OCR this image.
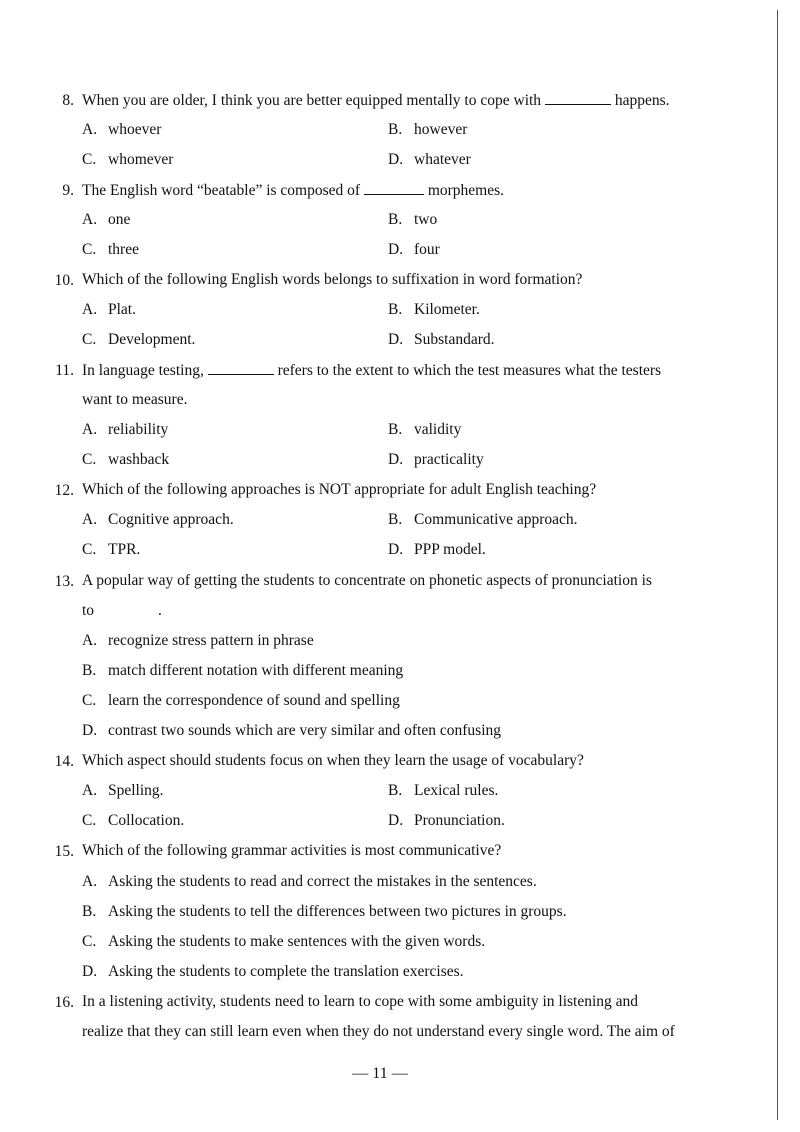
8. When you are older, I think you are better equipped mentally to cope with	happens.
A. whoever	B. however
C. whomever	D. whatever
9. The English word “beatable” is composed of	morphemes.
A. one	B. two
C. three	D. four
10. Which of the following English words belongs to suffixation in word formation?
A. Plat.	B. Kilometer.
C. Development.	D. Substandard.
11. In language testing,	refers to the extent to which the test measures what the testers
want to measure.
A. reliability	B. validity
C. washback	D. practicality
12. Which of the following approaches is NOT appropriate for adult English teaching?
A. Cognitive approach.	B. Communicative approach.
C. TPR.	D. PPP model.
13. A popular way of getting the students to concentrate on phonetic aspects of pronunciation is
to	.
A. recognize stress pattern in phrase
B. match different notation with different meaning
C. learn the correspondence of sound and spelling
D. contrast two sounds which are very similar and often confusing
14. Which aspect should students focus on when they learn the usage of vocabulary?
A. Spelling.	B. Lexical rules.
C. Collocation.	D. Pronunciation.
15. Which of the following grammar activities is most communicative?
A. Asking the students to read and correct the mistakes in the sentences.
B. Asking the students to tell the differences between two pictures in groups.
C. Asking the students to make sentences with the given words.
D. Asking the students to complete the translation exercises.
16. In a listening activity, students need to learn to cope with some ambiguity in listening and
realize that they can still learn even when they do not understand every single word. The aim of
— 11 —
